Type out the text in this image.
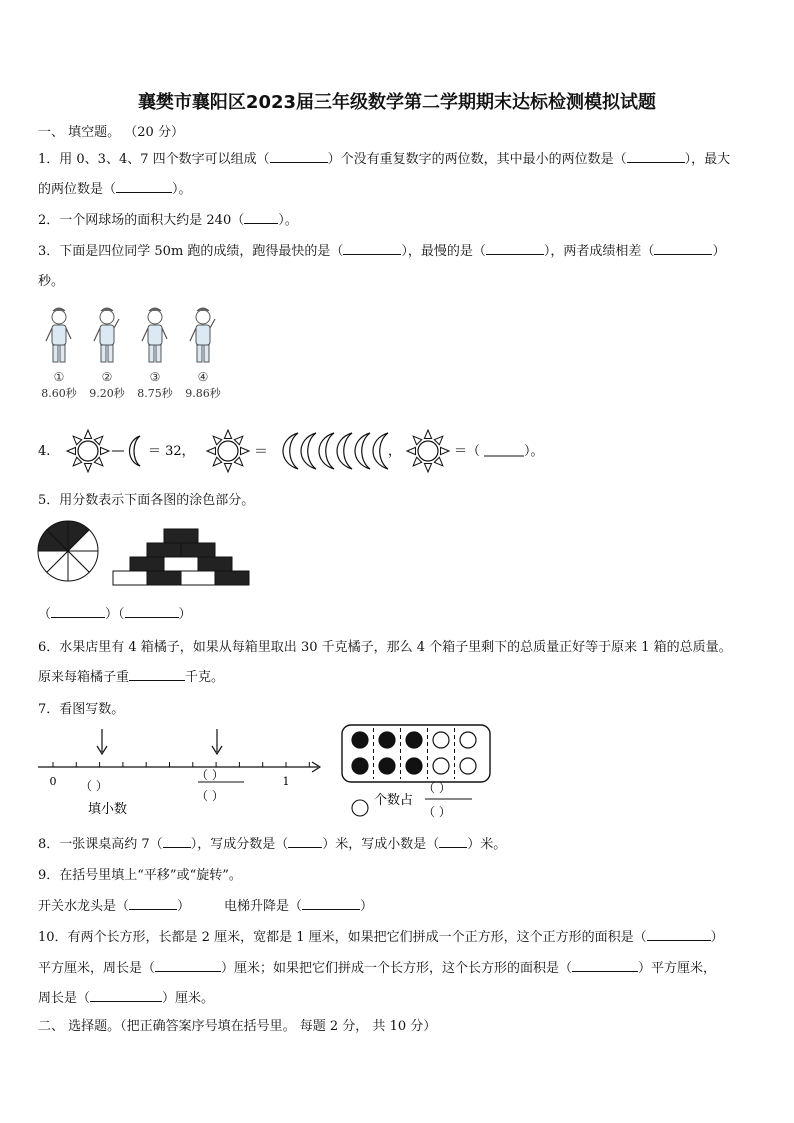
襄樊市襄阳区2023届三年级数学第二学期期末达标检测模拟试题
一、 填空题。 （20 分）
1．用 0、3、4、7 四个数字可以组成（	）个没有重复数字的两位数，其中最小的两位数是（	），最大
的两位数是（	）。
2．一个网球场的面积大约是 240（	）。
3．下面是四位同学 50m 跑的成绩，跑得最快的是（	），最慢的是（	），两者成绩相差（	）
秒。
①
8.60秒
②
9.20秒
③
8.75秒
④
9.86秒
4.	＝ 32，	＝	，	＝（	）。
5．用分数表示下面各图的涂色部分。
（	）（	）
6．水果店里有 4 箱橘子，如果从每箱里取出 30 千克橘子，那么 4 个箱子里剩下的总质量正好等于原来 1 箱的总质量。
原来每箱橘子重	千克。
7．看图写数。
0	1
（ ）
填小数
（ ）
（ ）	个数占
（ ）
（ ）
8．一张课桌高约 7（ ），写成分数是（	）米，写成小数是（ ）米。
9．在括号里填上“平移”或“旋转”。
开关水龙头是（	）	电梯升降是（	）
10．有两个长方形，长都是 2 厘米，宽都是 1 厘米，如果把它们拼成一个正方形，这个正方形的面积是（	）
平方厘米，周长是（	）厘米；如果把它们拼成一个长方形，这个长方形的面积是（	）平方厘米，
周长是（	）厘米。
二、 选择题。（把正确答案序号填在括号里。 每题 2 分， 共 10 分）
